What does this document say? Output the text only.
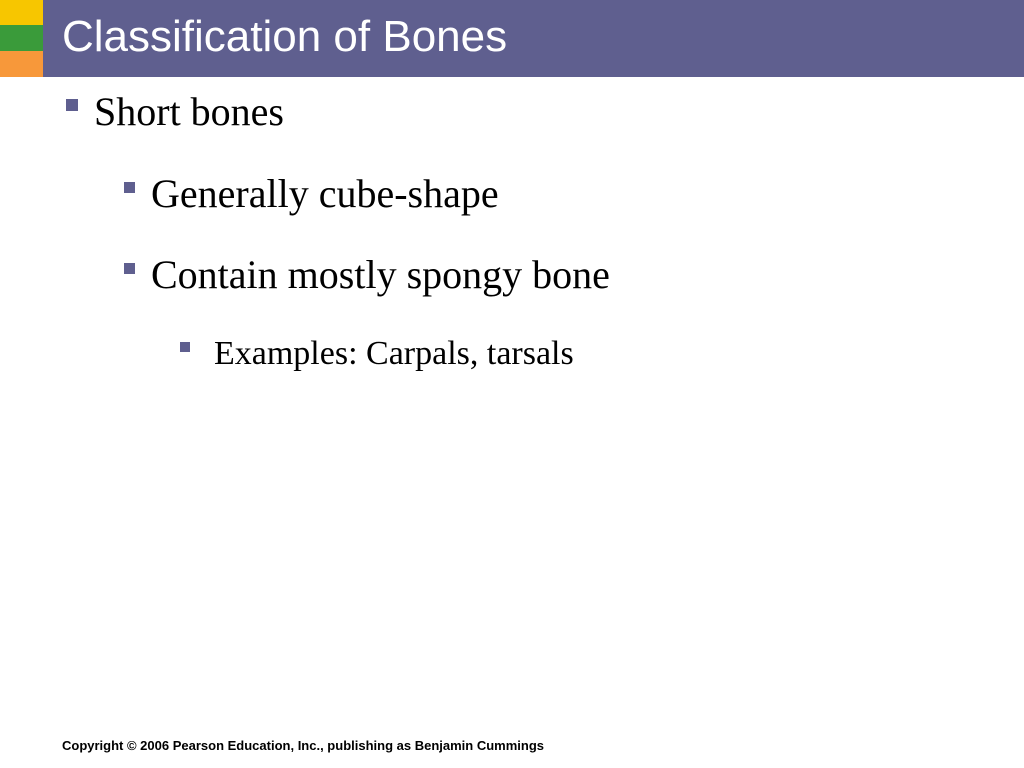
Classification of Bones
Short bones
Generally cube-shape
Contain mostly spongy bone
Examples: Carpals, tarsals
Copyright © 2006 Pearson Education, Inc., publishing as Benjamin Cummings
